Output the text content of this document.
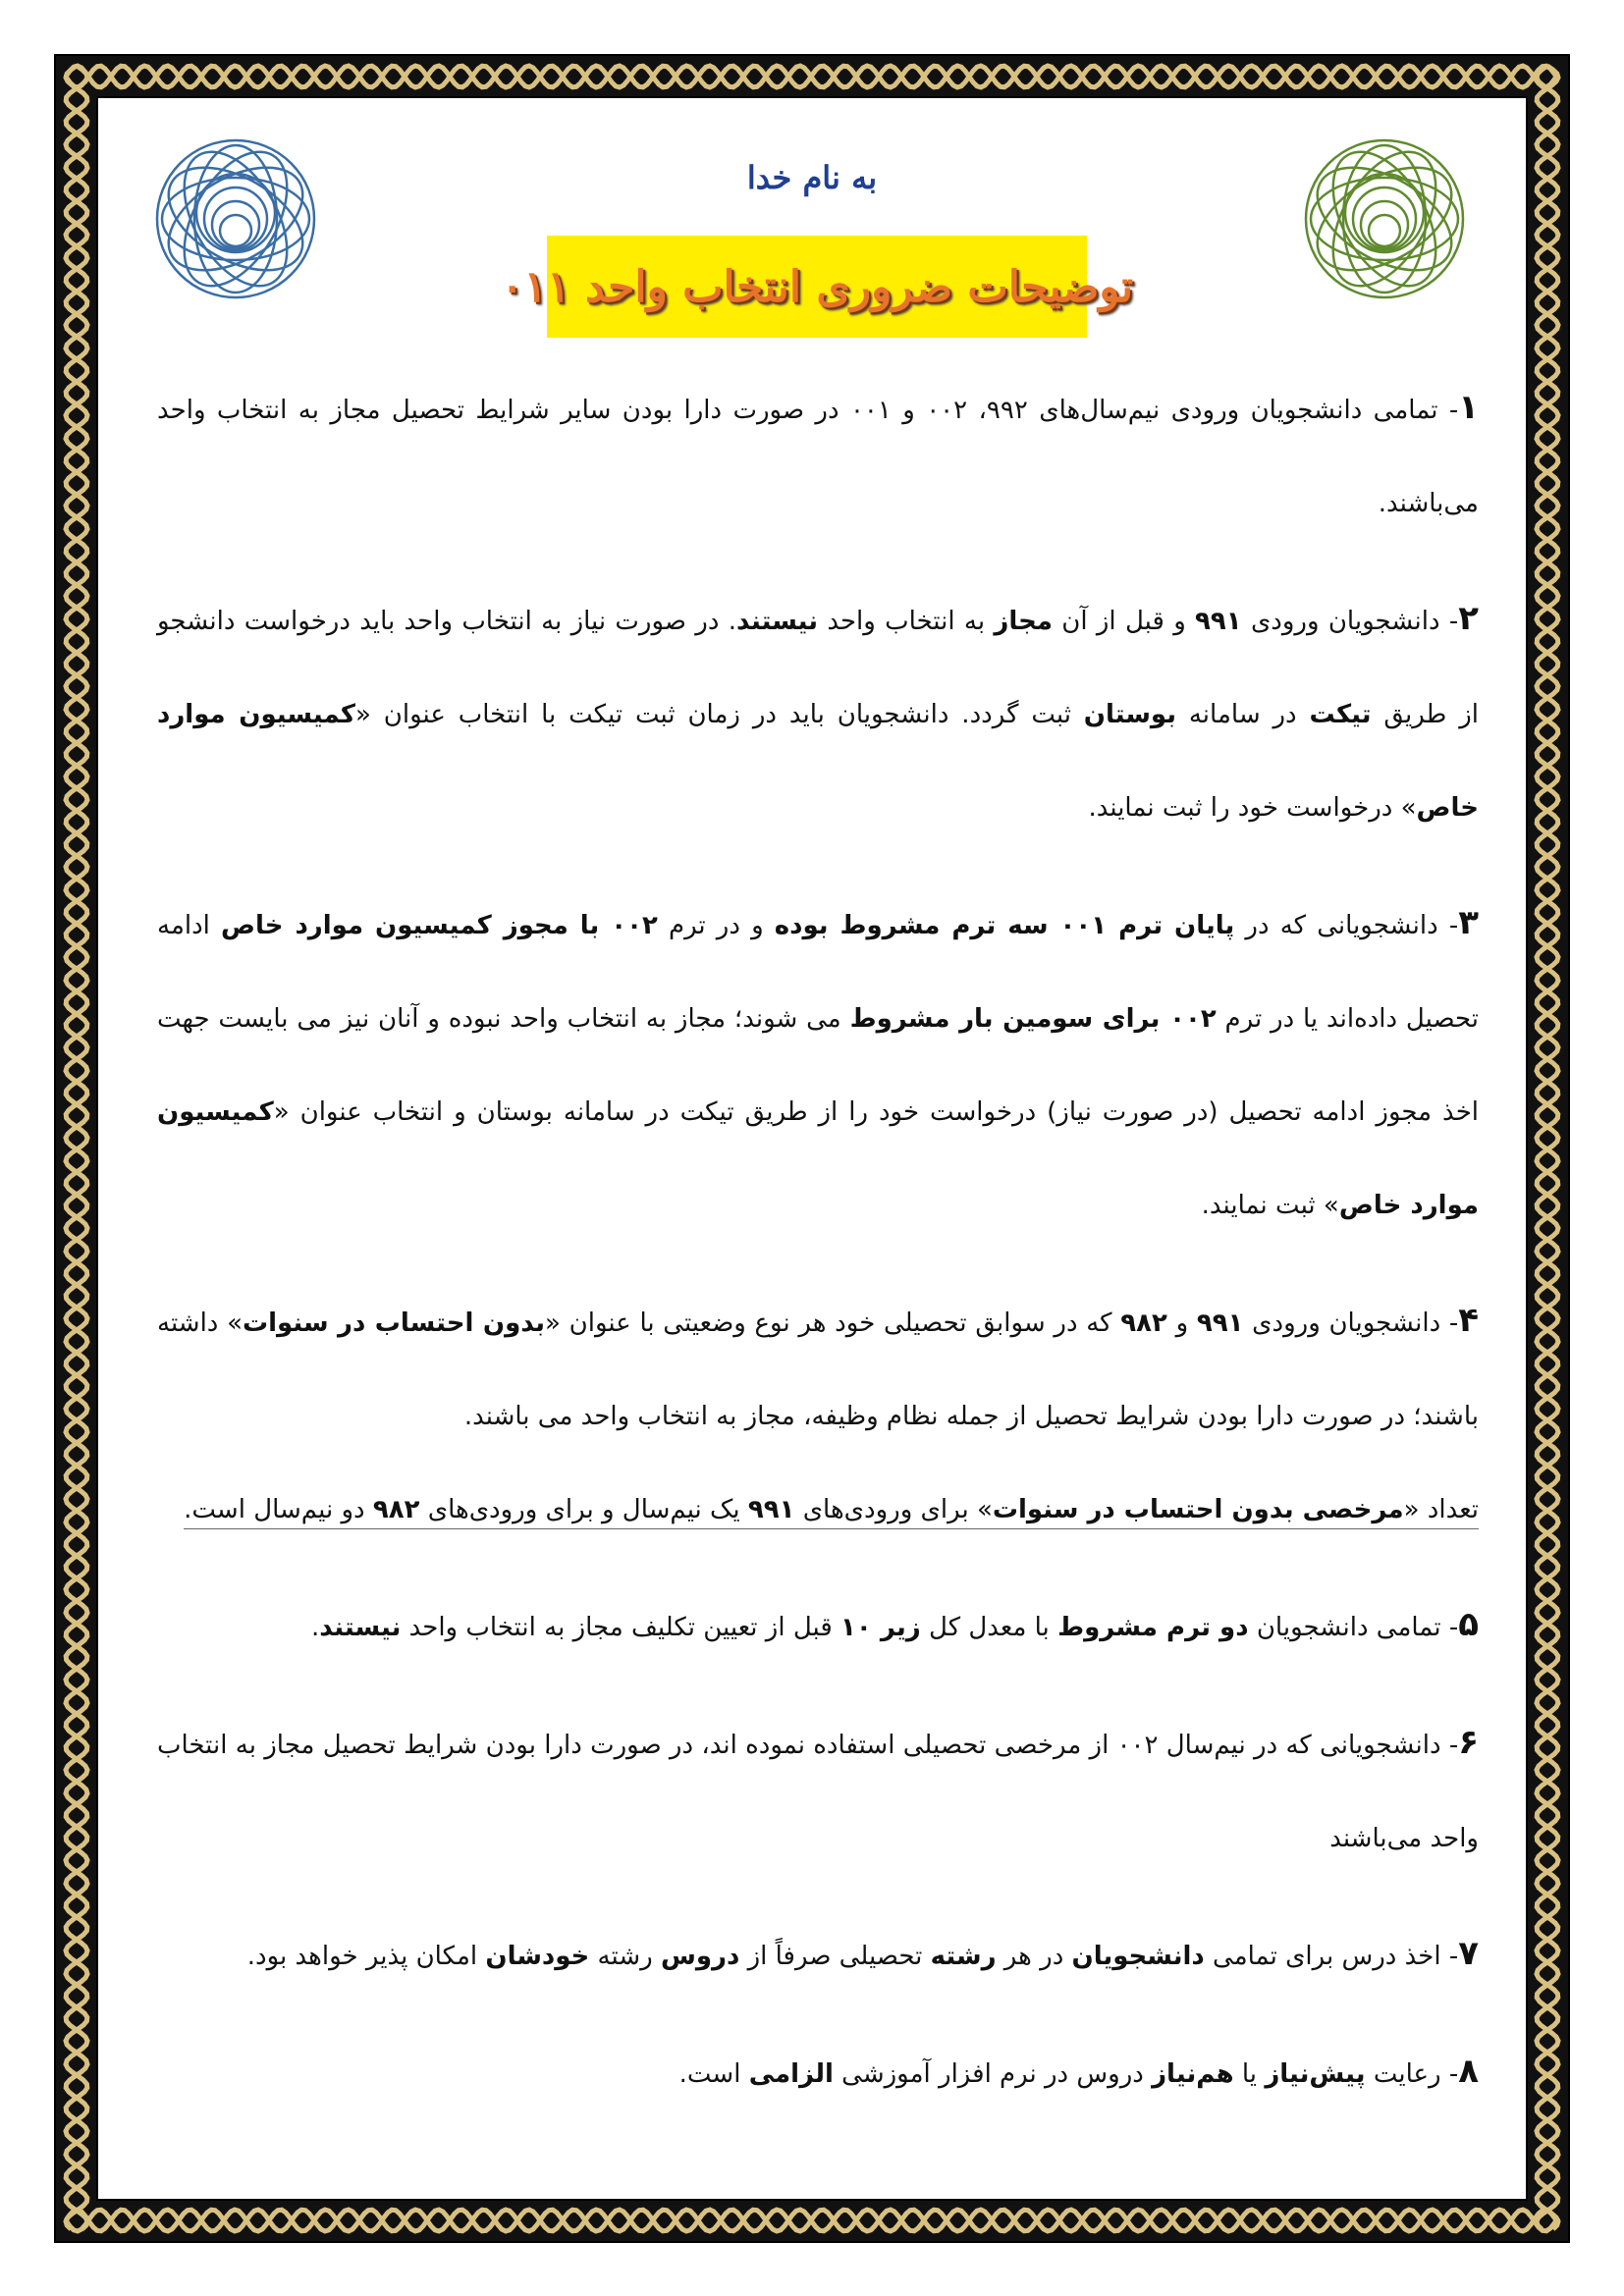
به نام خدا
توضیحات ضروری انتخاب واحد ۰۱۱
۱- تمامی دانشجویان ورودی نیم‌سال‌های ۹۹۲، ۰۰۲ و ۰۰۱ در صورت دارا بودن سایر شرایط تحصیل مجاز به انتخاب واحد می‌باشند.
۲- دانشجویان ورودی ۹۹۱ و قبل از آن مجاز به انتخاب واحد نیستند. در صورت نیاز به انتخاب واحد باید درخواست دانشجو از طریق تیکت در سامانه بوستان ثبت گردد. دانشجویان باید در زمان ثبت تیکت با انتخاب عنوان «کمیسیون موارد خاص» درخواست خود را ثبت نمایند.
۳- دانشجویانی که در پایان ترم ۰۰۱ سه ترم مشروط بوده و در ترم ۰۰۲ با مجوز کمیسیون موارد خاص ادامه تحصیل داده‌اند یا در ترم ۰۰۲ برای سومین بار مشروط می شوند؛ مجاز به انتخاب واحد نبوده و آنان نیز می بایست جهت اخذ مجوز ادامه تحصیل (در صورت نیاز) درخواست خود را از طریق تیکت در سامانه بوستان و انتخاب عنوان «کمیسیون موارد خاص» ثبت نمایند.
۴- دانشجویان ورودی ۹۹۱ و ۹۸۲ که در سوابق تحصیلی خود هر نوع وضعیتی با عنوان «بدون احتساب در سنوات» داشته باشند؛ در صورت دارا بودن شرایط تحصیل از جمله نظام وظیفه، مجاز به انتخاب واحد می باشند.
تعداد «مرخصی بدون احتساب در سنوات» برای ورودی‌های ۹۹۱ یک نیم‌سال و برای ورودی‌های ۹۸۲ دو نیم‌سال است.
۵- تمامی دانشجویان دو ترم مشروط با معدل کل زیر ۱۰ قبل از تعیین تکلیف مجاز به انتخاب واحد نیستند.
۶- دانشجویانی که در نیم‌سال ۰۰۲ از مرخصی تحصیلی استفاده نموده اند، در صورت دارا بودن شرایط تحصیل مجاز به انتخاب واحد می‌باشند
۷- اخذ درس برای تمامی دانشجویان در هر رشته تحصیلی صرفاً از دروس رشته خودشان امکان پذیر خواهد بود.
۸- رعایت پیش‌نیاز یا هم‌نیاز دروس در نرم افزار آموزشی الزامی است.
